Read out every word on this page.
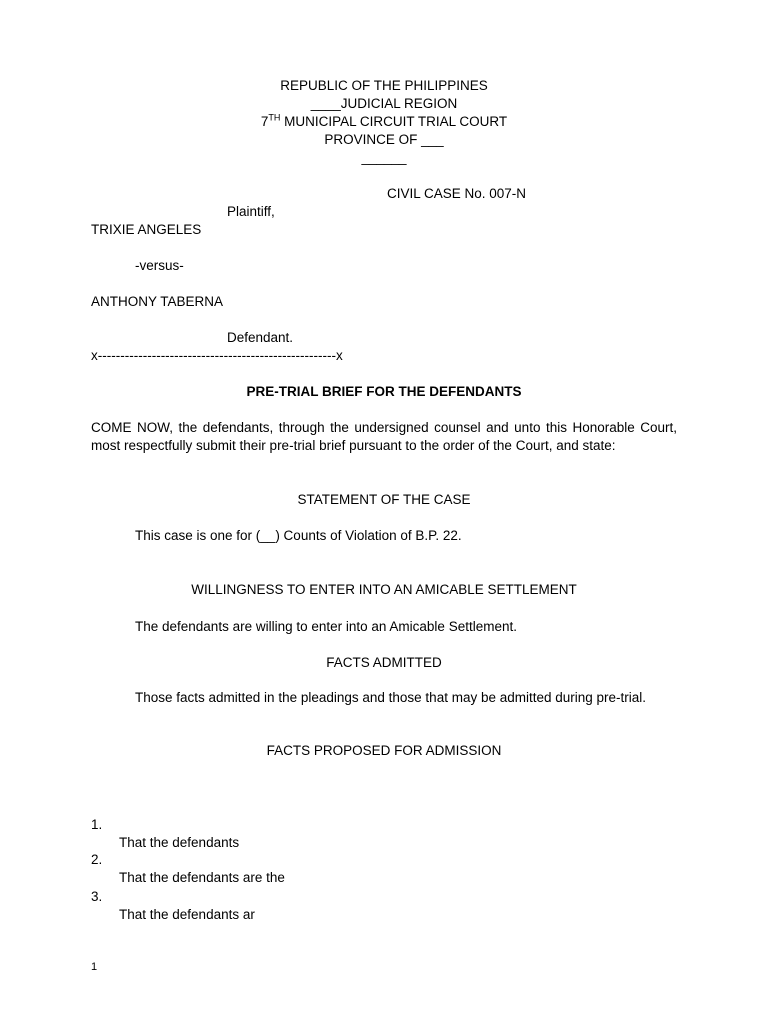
REPUBLIC OF THE PHILIPPINES
____JUDICIAL REGION
7TH MUNICIPAL CIRCUIT TRIAL COURT
PROVINCE OF ___
______
CIVIL CASE No. 007-N
Plaintiff,
TRIXIE ANGELES
-versus-
ANTHONY TABERNA
Defendant.
x-----------------------------------------------------x
PRE-TRIAL BRIEF FOR THE DEFENDANTS
COME NOW, the defendants, through the undersigned counsel and unto this Honorable Court, most respectfully submit their pre-trial brief pursuant to the order of the Court, and state:
STATEMENT OF THE CASE
This case is one for (__) Counts of Violation of B.P. 22.
WILLINGNESS TO ENTER INTO AN AMICABLE SETTLEMENT
The defendants are willing to enter into an Amicable Settlement.
FACTS ADMITTED
Those facts admitted in the pleadings and those that may be admitted during pre-trial.
FACTS PROPOSED FOR ADMISSION

1.

That the defendants

2.

That the defendants are the

3.

That the defendants ar

1
